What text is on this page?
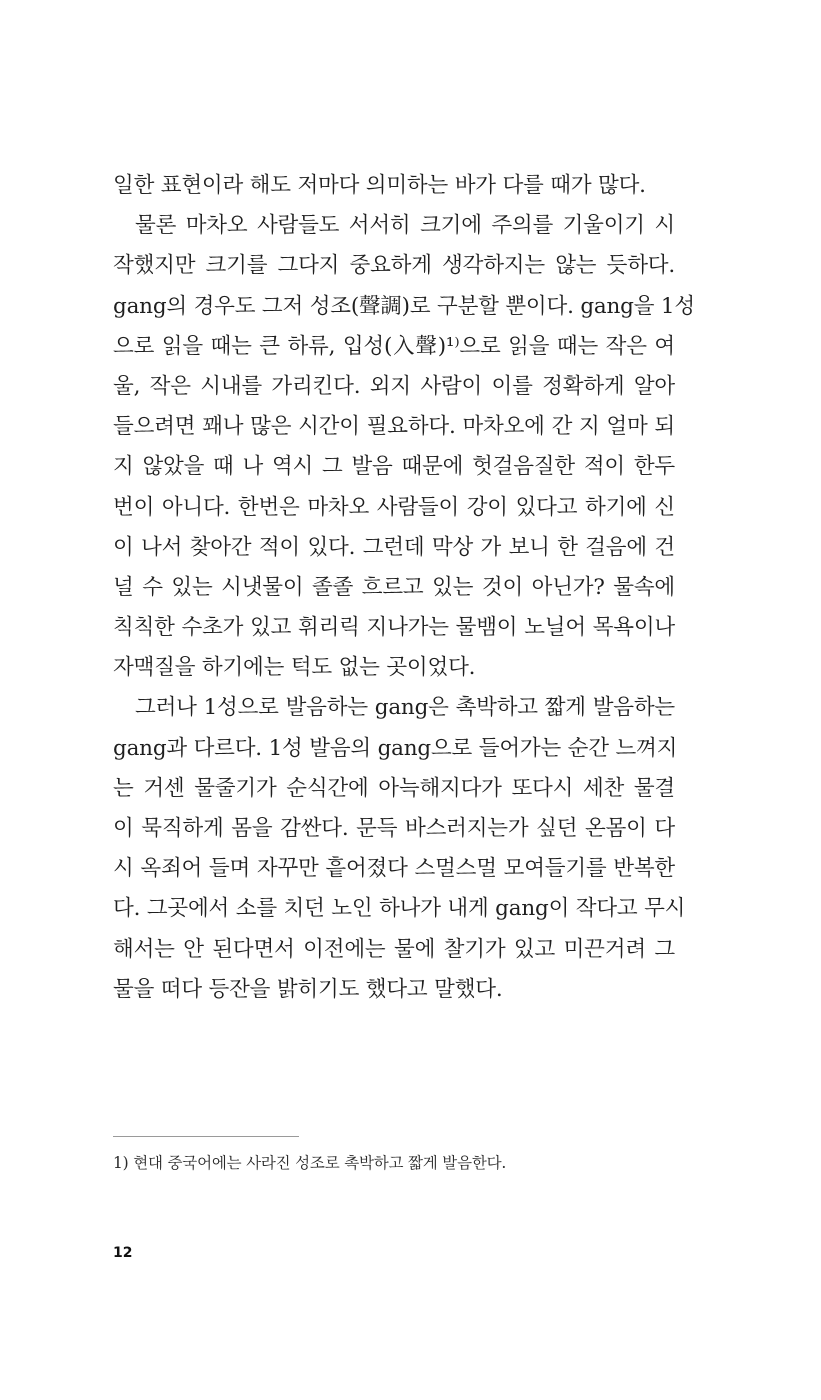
일한 표현이라 해도 저마다 의미하는 바가 다를 때가 많다.
물론 마차오 사람들도 서서히 크기에 주의를 기울이기 시
작했지만 크기를 그다지 중요하게 생각하지는 않는 듯하다.
gang의 경우도 그저 성조(聲調)로 구분할 뿐이다. gang을 1성
으로 읽을 때는 큰 하류, 입성(入聲)¹⁾으로 읽을 때는 작은 여
울, 작은 시내를 가리킨다. 외지 사람이 이를 정확하게 알아
들으려면 꽤나 많은 시간이 필요하다. 마차오에 간 지 얼마 되
지 않았을 때 나 역시 그 발음 때문에 헛걸음질한 적이 한두
번이 아니다. 한번은 마차오 사람들이 강이 있다고 하기에 신
이 나서 찾아간 적이 있다. 그런데 막상 가 보니 한 걸음에 건
널 수 있는 시냇물이 졸졸 흐르고 있는 것이 아닌가? 물속에
칙칙한 수초가 있고 휘리릭 지나가는 물뱀이 노닐어 목욕이나
자맥질을 하기에는 턱도 없는 곳이었다.
그러나 1성으로 발음하는 gang은 촉박하고 짧게 발음하는
gang과 다르다. 1성 발음의 gang으로 들어가는 순간 느껴지
는 거센 물줄기가 순식간에 아늑해지다가 또다시 세찬 물결
이 묵직하게 몸을 감싼다. 문득 바스러지는가 싶던 온몸이 다
시 옥죄어 들며 자꾸만 흩어졌다 스멀스멀 모여들기를 반복한
다. 그곳에서 소를 치던 노인 하나가 내게 gang이 작다고 무시
해서는 안 된다면서 이전에는 물에 찰기가 있고 미끈거려 그
물을 떠다 등잔을 밝히기도 했다고 말했다.
1) 현대 중국어에는 사라진 성조로 촉박하고 짧게 발음한다.
12
